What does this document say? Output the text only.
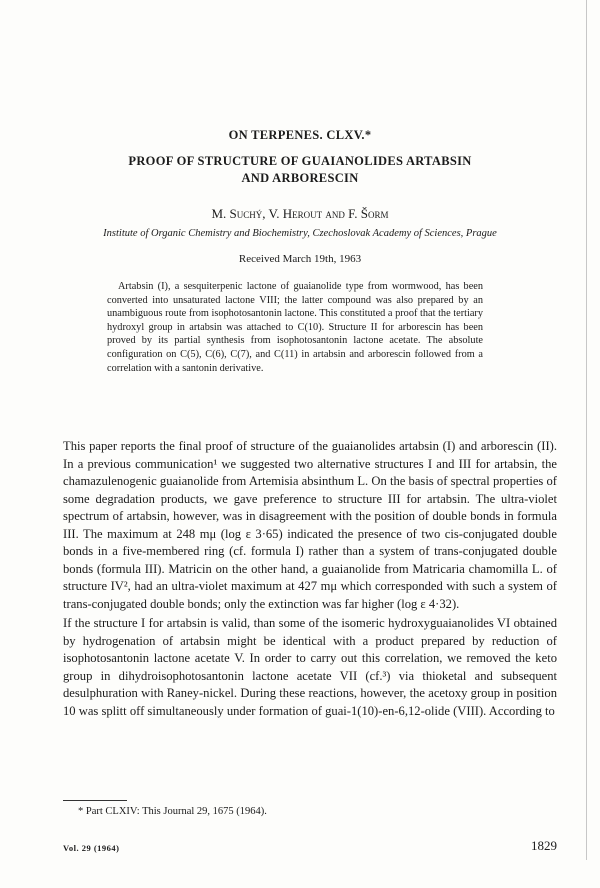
ON TERPENES. CLXV.*
PROOF OF STRUCTURE OF GUAIANOLIDES ARTABSIN
AND ARBORESCIN
M. Suchý, V. Herout and F. Šorm
Institute of Organic Chemistry and Biochemistry, Czechoslovak Academy of Sciences, Prague
Received March 19th, 1963

Artabsin (I), a sesquiterpenic lactone of guaianolide type from wormwood, has been converted into unsaturated lactone VIII; the latter compound was also prepared by an unambiguous route from isophotosantonin lactone. This constituted a proof that the tertiary hydroxyl group in artabsin was attached to C(10). Structure II for arborescin has been proved by its partial synthesis from isophotosantonin lactone acetate. The absolute configuration on C(5), C(6), C(7), and C(11) in artabsin and arborescin followed from a correlation with a santonin derivative.

This paper reports the final proof of structure of the guaianolides artabsin (I) and arborescin (II). In a previous communication¹ we suggested two alternative structures I and III for artabsin, the chamazulenogenic guaianolide from Artemisia absinthum L. On the basis of spectral properties of some degradation products, we gave preference to structure III for artabsin. The ultra-violet spectrum of artabsin, however, was in disagreement with the position of double bonds in formula III. The maximum at 248 mμ (log ε 3·65) indicated the presence of two cis-conjugated double bonds in a five-membered ring (cf. formula I) rather than a system of trans-conjugated double bonds (formula III). Matricin on the other hand, a guaianolide from Matricaria chamomilla L. of structure IV², had an ultra-violet maximum at 427 mμ which corresponded with such a system of trans-conjugated double bonds; only the extinction was far higher (log ε 4·32).

If the structure I for artabsin is valid, than some of the isomeric hydroxyguaianolides VI obtained by hydrogenation of artabsin might be identical with a product prepared by reduction of isophotosantonin lactone acetate V. In order to carry out this correlation, we removed the keto group in dihydroisophotosantonin lactone acetate VII (cf.³) via thioketal and subsequent desulphuration with Raney-nickel. During these reactions, however, the acetoxy group in position 10 was splitt off simultaneously under formation of guai-1(10)-en-6,12-olide (VIII). According to

* Part CLXIV: This Journal 29, 1675 (1964).
Vol. 29 (1964)	1829
